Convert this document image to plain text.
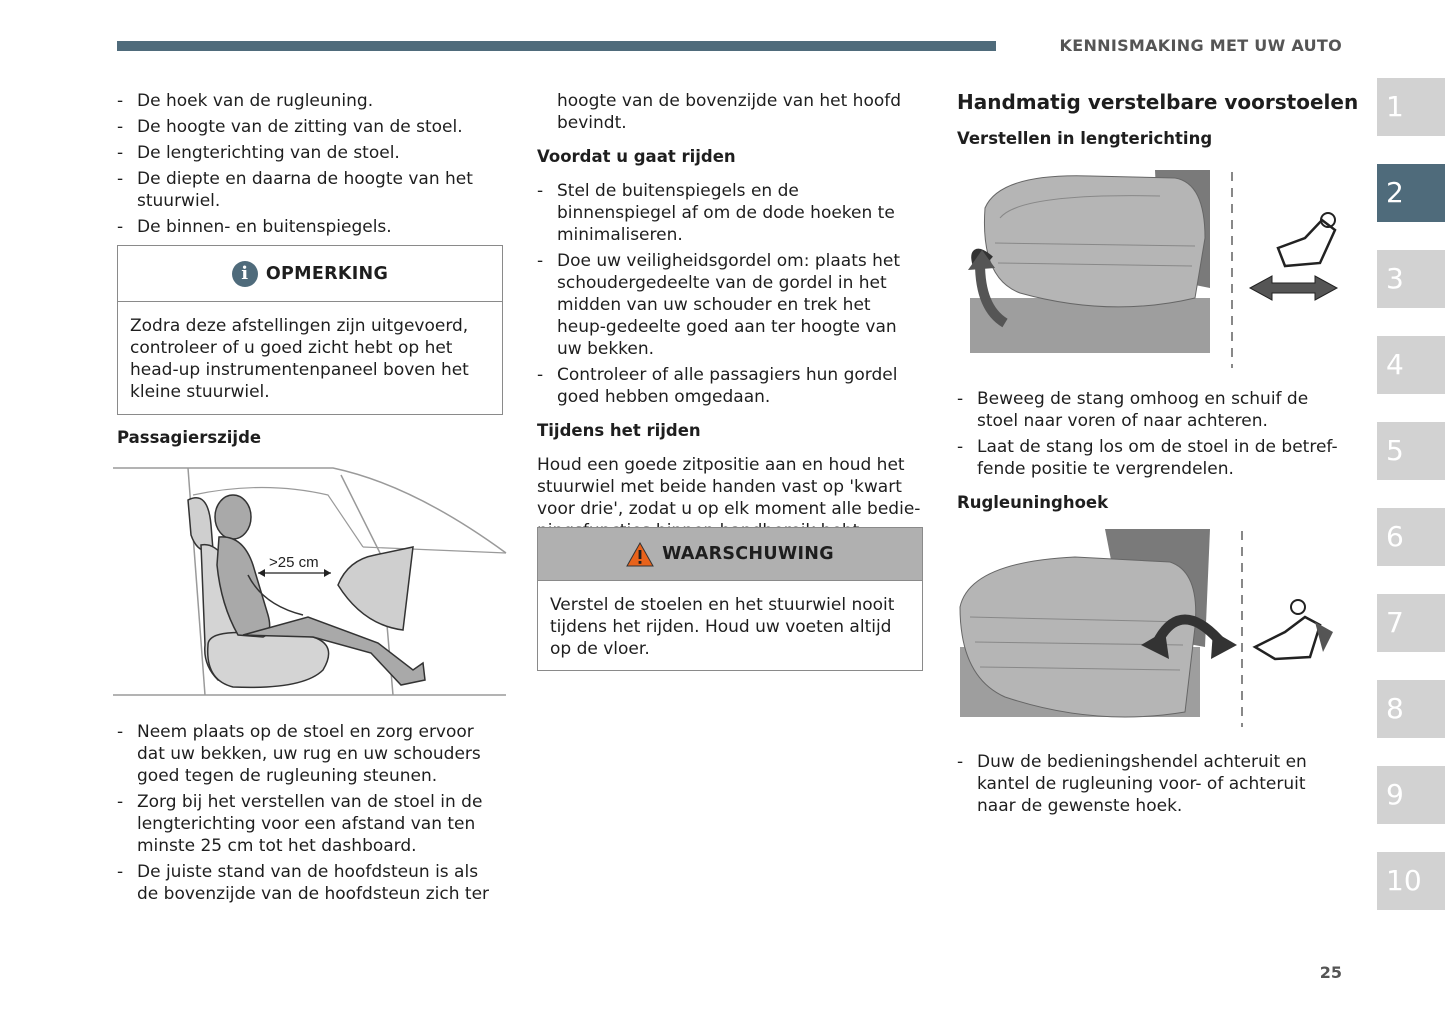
KENNISMAKING MET UW AUTO
- De hoek van de rugleuning.
- De hoogte van de zitting van de stoel.
- De lengterichting van de stoel.
- De diepte en daarna de hoogte van het stuurwiel.
- De binnen- en buitenspiegels.
i OPMERKING
Zodra deze afstellingen zijn uitgevoerd, controleer of u goed zicht hebt op het head-up instrumentenpaneel boven het kleine stuurwiel.
Passagierszijde
>25 cm
- Neem plaats op de stoel en zorg ervoor dat uw bekken, uw rug en uw schouders goed tegen de rugleuning steunen.
- Zorg bij het verstellen van de stoel in de lengterichting voor een afstand van ten minste 25 cm tot het dashboard.
- De juiste stand van de hoofdsteun is als de bovenzijde van de hoofdsteun zich ter
hoogte van de bovenzijde van het hoofd bevindt.
Voordat u gaat rijden
- Stel de buitenspiegels en de binnenspiegel af om de dode hoeken te minimaliseren.
- Doe uw veiligheidsgordel om: plaats het schoudergedeelte van de gordel in het midden van uw schouder en trek het heup-gedeelte goed aan ter hoogte van uw bekken.
- Controleer of alle passagiers hun gordel goed hebben omgedaan.
Tijdens het rijden
Houd een goede zitpositie aan en houd het stuurwiel met beide handen vast op 'kwart voor drie', zodat u op elk moment alle bedie-
WAARSCHUWING
Verstel de stoelen en het stuurwiel nooit tijdens het rijden. Houd uw voeten altijd op de vloer.
Handmatig verstelbare voorstoelen
Verstellen in lengterichting
- Beweeg de stang omhoog en schuif de stoel naar voren of naar achteren.
- Laat de stang los om de stoel in de betref-fende positie te vergrendelen.
Rugleuninghoek
- Duw de bedieningshendel achteruit en kantel de rugleuning voor- of achteruit naar de gewenste hoek.
1
2
3
4
5
6
7
8
9
10
25
